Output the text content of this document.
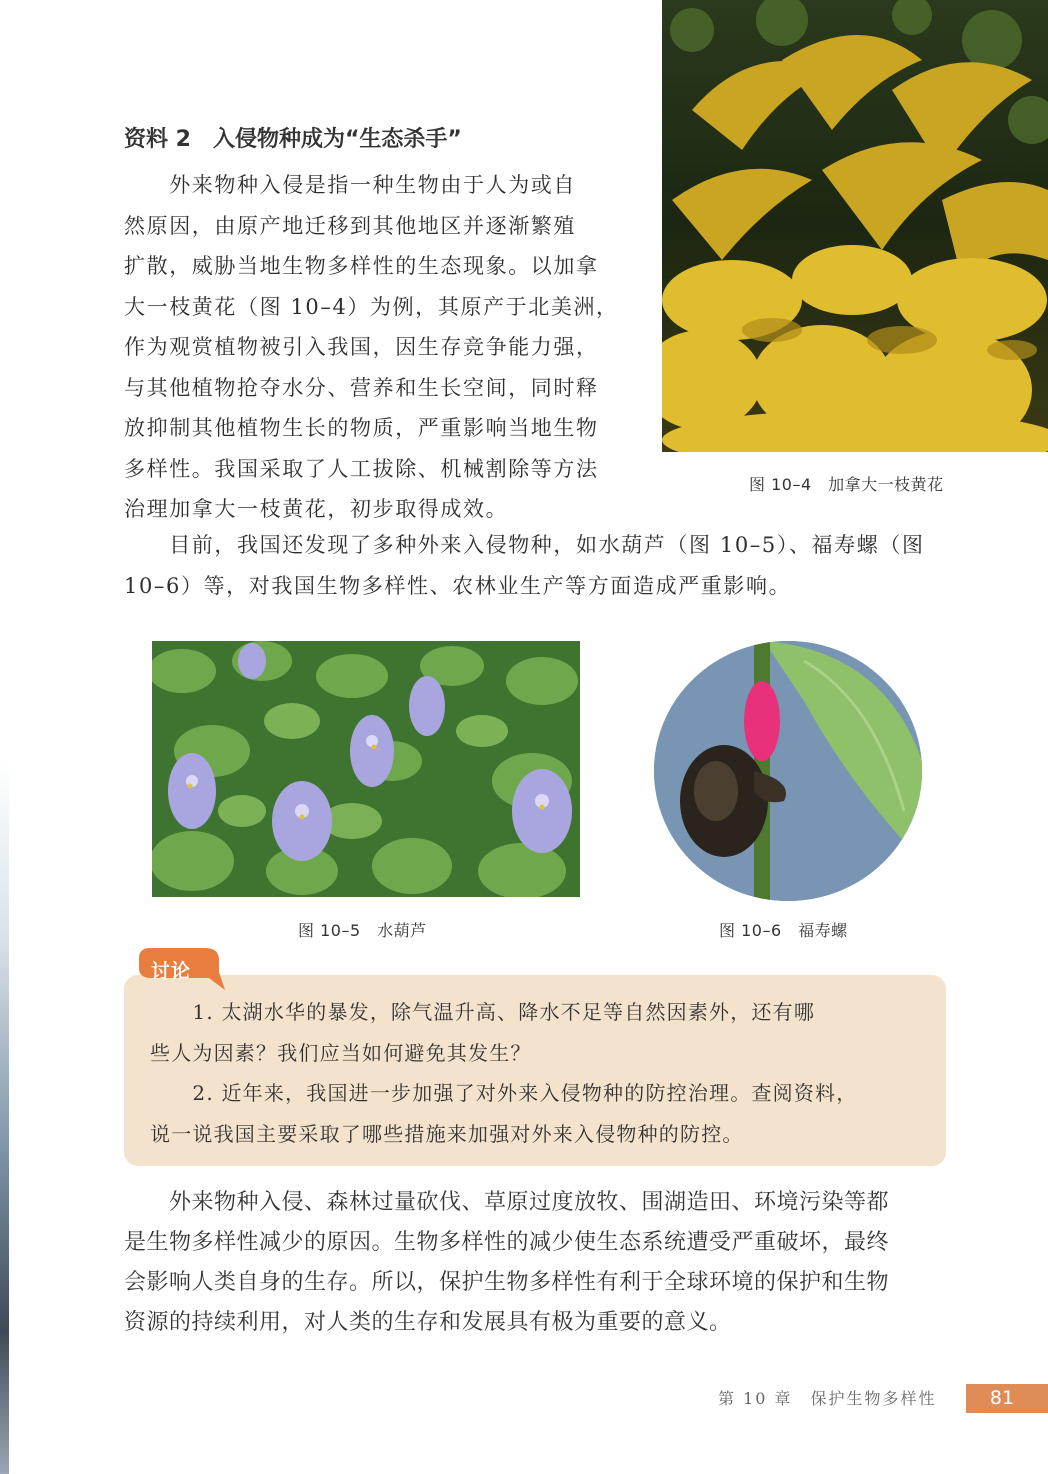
资料 2　入侵物种成为“生态杀手”
　　外来物种入侵是指一种生物由于人为或自
然原因，由原产地迁移到其他地区并逐渐繁殖
扩散，威胁当地生物多样性的生态现象。以加拿
大一枝黄花（图 10–4）为例，其原产于北美洲，
作为观赏植物被引入我国，因生存竞争能力强，
与其他植物抢夺水分、营养和生长空间，同时释
放抑制其他植物生长的物质，严重影响当地生物
多样性。我国采取了人工拔除、机械割除等方法
治理加拿大一枝黄花，初步取得成效。
图 10–4　加拿大一枝黄花
　　目前，我国还发现了多种外来入侵物种，如水葫芦（图 10–5）、福寿螺（图
10–6）等，对我国生物多样性、农林业生产等方面造成严重影响。
图 10–5　水葫芦	图 10–6　福寿螺
讨论
　　1. 太湖水华的暴发，除气温升高、降水不足等自然因素外，还有哪
些人为因素？我们应当如何避免其发生？
　　2. 近年来，我国进一步加强了对外来入侵物种的防控治理。查阅资料，
说一说我国主要采取了哪些措施来加强对外来入侵物种的防控。
　　外来物种入侵、森林过量砍伐、草原过度放牧、围湖造田、环境污染等都
是生物多样性减少的原因。生物多样性的减少使生态系统遭受严重破坏，最终
会影响人类自身的生存。所以，保护生物多样性有利于全球环境的保护和生物
资源的持续利用，对人类的生存和发展具有极为重要的意义。
第 10 章　保护生物多样性	81
